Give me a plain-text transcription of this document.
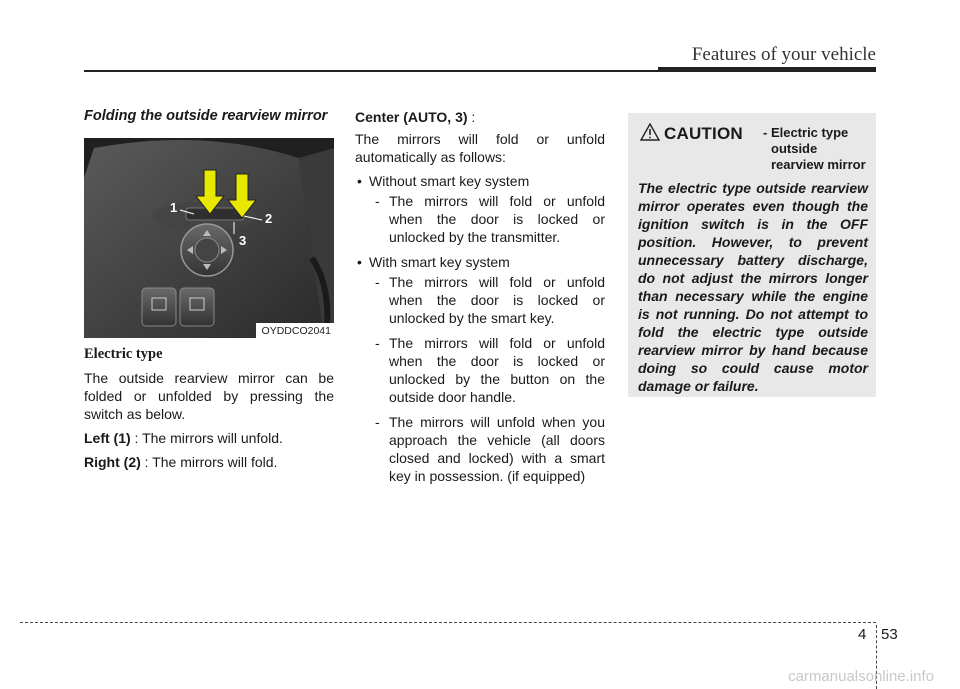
Features of your vehicle
Folding the outside rearview mirror
1
2
3
OYDDCO2041
Electric type

The outside rearview mirror can be folded or unfolded by pressing the switch as below.

Left (1) : The mirrors will unfold.

Right (2) : The mirrors will fold.

Center (AUTO, 3) :

The mirrors will fold or unfold automatically as follows:

• Without smart key system
- The mirrors will fold or unfold when the door is locked or unlocked by the transmitter.
• With smart key system
- The mirrors will fold or unfold when the door is locked or unlocked by the smart key.
- The mirrors will fold or unfold when the door is locked or unlocked by the button on the outside door handle.
- The mirrors will unfold when you approach the vehicle (all doors closed and locked) with a smart key in possession. (if equipped)
CAUTION - Electric type
outside
rearview mirror
The electric type outside rearview mirror operates even though the ignition switch is in the OFF position. However, to prevent unnecessary battery discharge, do not adjust the mirrors longer than necessary while the engine is not running. Do not attempt to fold the electric type outside rearview mirror by hand because doing so could cause motor damage or failure.
4 53
carmanualsonline.info
